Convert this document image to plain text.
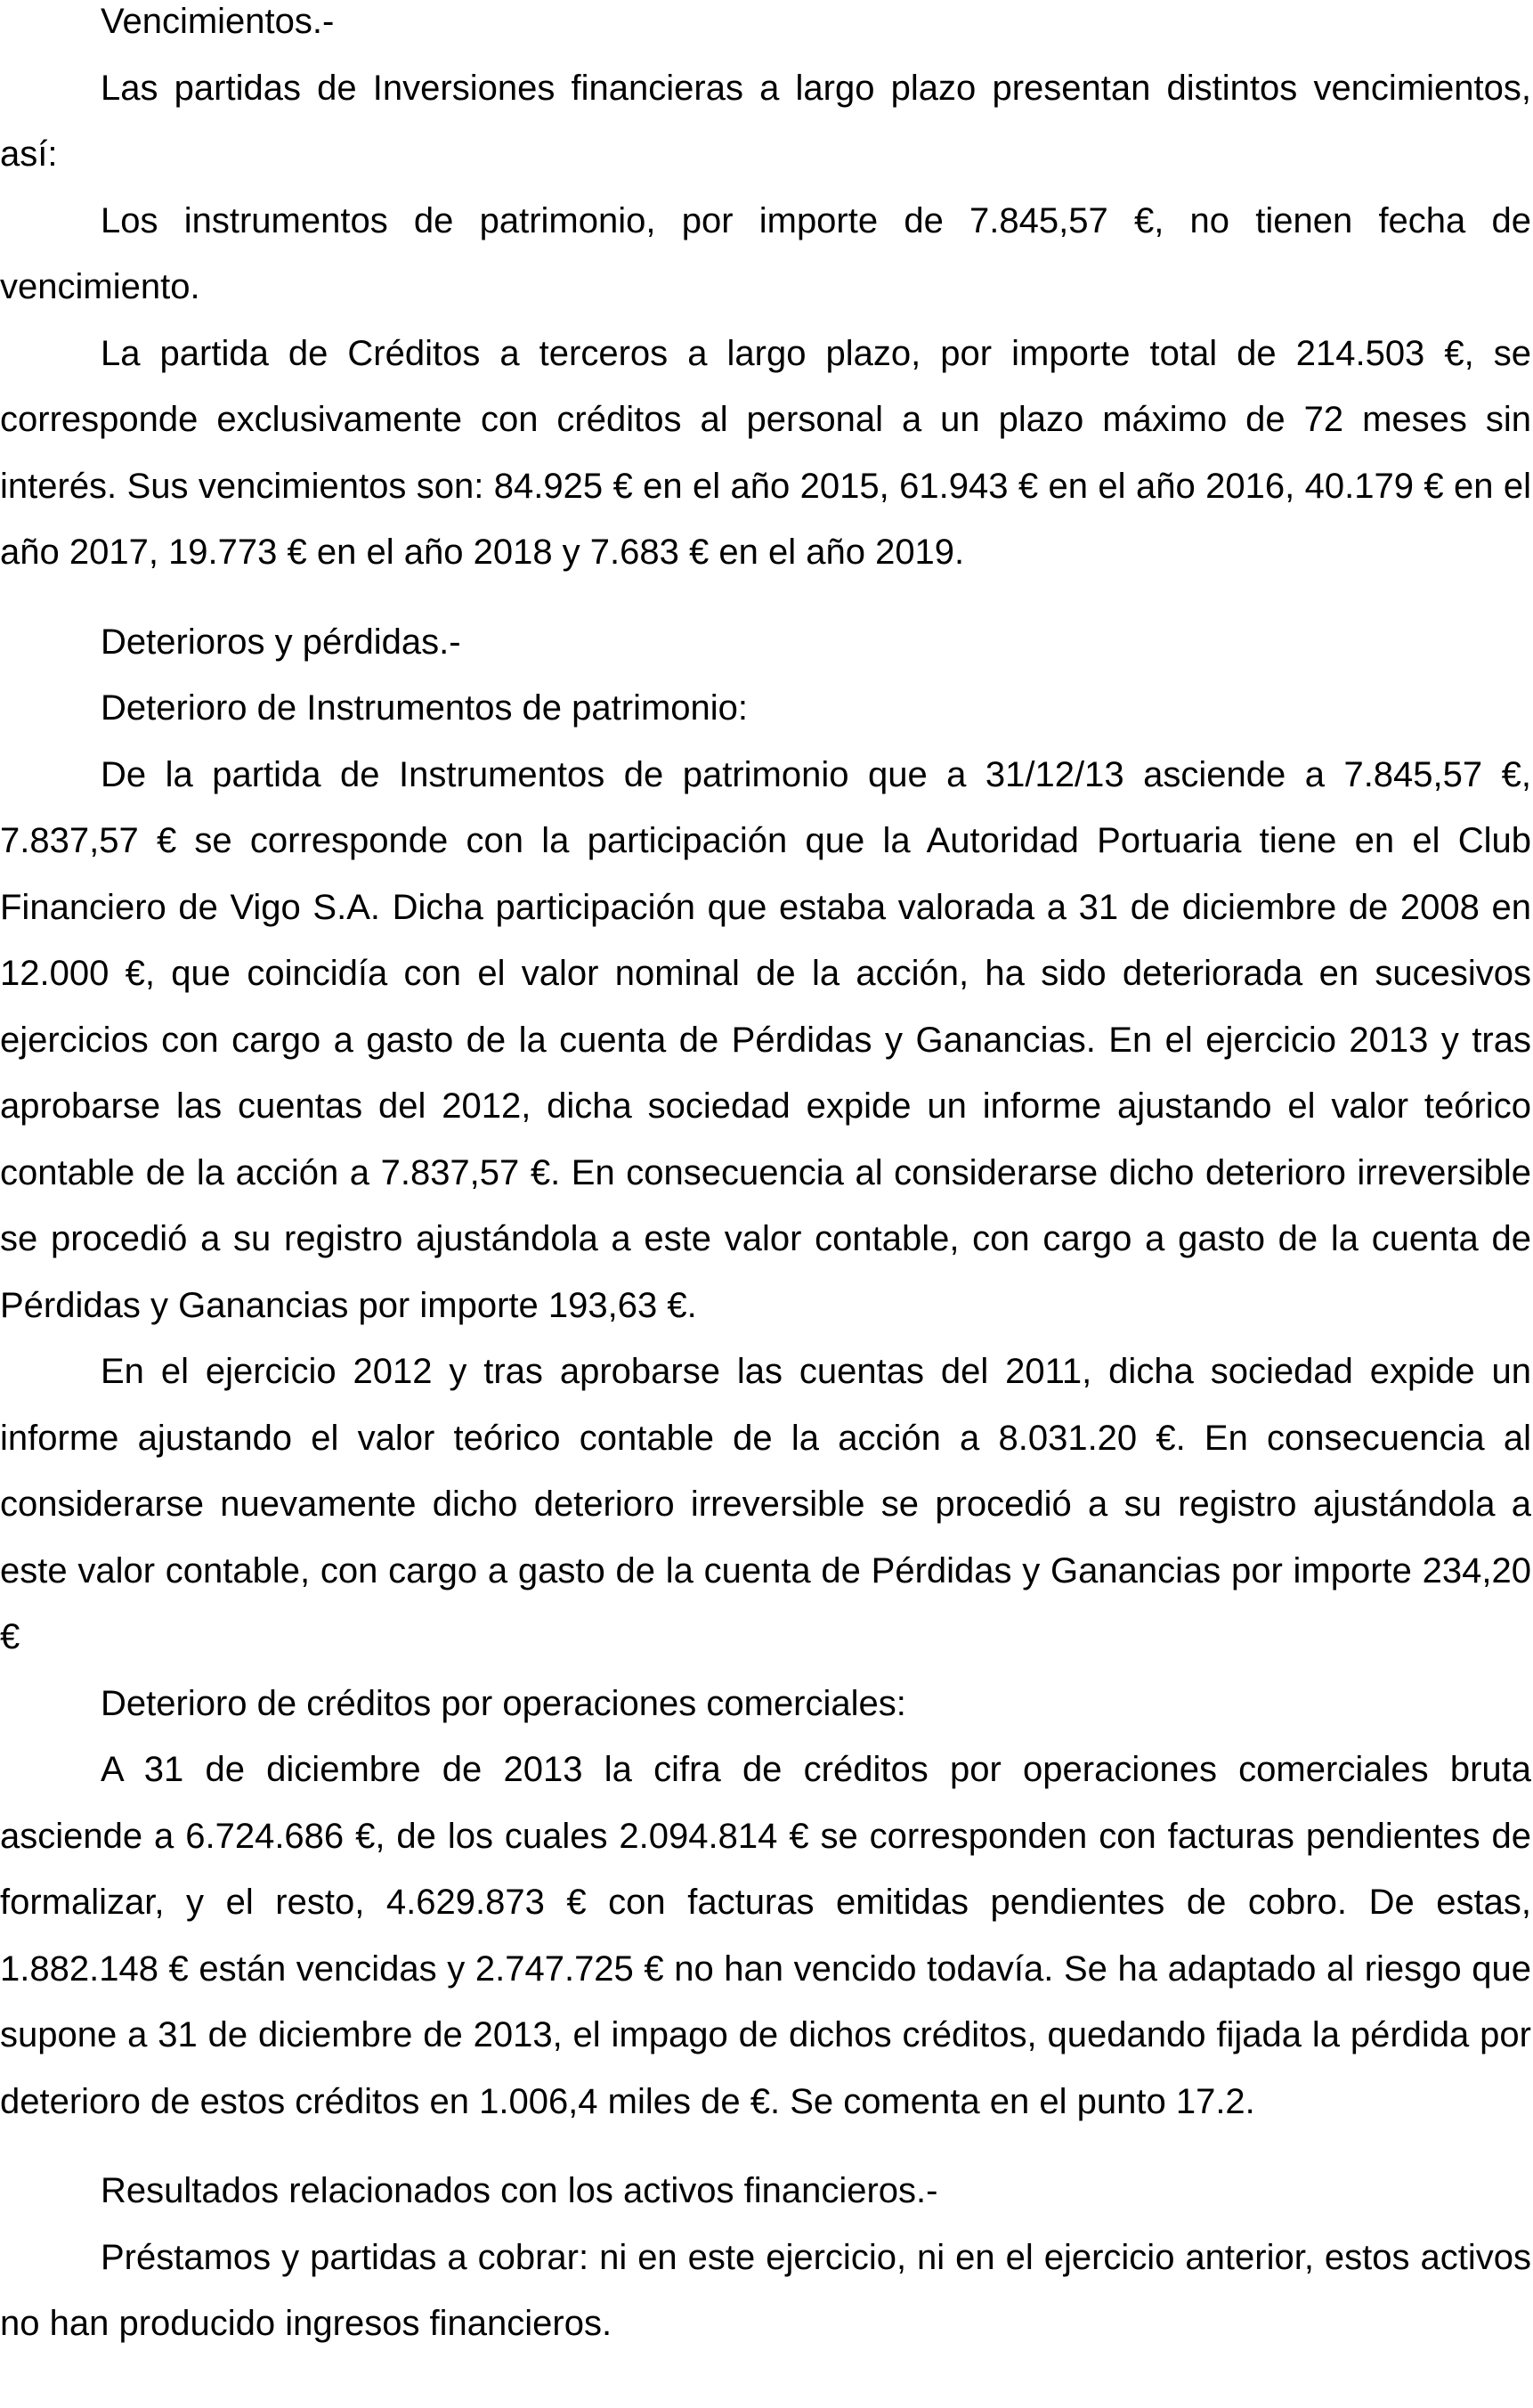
Vencimientos.-

Las partidas de Inversiones financieras a largo plazo presentan distintos vencimientos, así:

Los instrumentos de patrimonio, por importe de 7.845,57 €, no tienen fecha de vencimiento.

La partida de Créditos a terceros a largo plazo, por importe total de 214.503 €, se corresponde exclusivamente con créditos al personal a un plazo máximo de 72 meses sin interés. Sus vencimientos son: 84.925 € en el año 2015, 61.943 € en el año 2016, 40.179 € en el año 2017, 19.773 € en el año 2018 y 7.683 € en el año 2019.

Deterioros y pérdidas.-

Deterioro de Instrumentos de patrimonio:

De la partida de Instrumentos de patrimonio que a 31/12/13 asciende a 7.845,57 €, 7.837,57 € se corresponde con la participación que la Autoridad Portuaria tiene en el Club Financiero de Vigo S.A. Dicha participación que estaba valorada a 31 de diciembre de 2008 en 12.000 €, que coincidía con el valor nominal de la acción, ha sido deteriorada en sucesivos ejercicios con cargo a gasto de la cuenta de Pérdidas y Ganancias. En el ejercicio 2013 y tras aprobarse las cuentas del 2012, dicha sociedad expide un informe ajustando el valor teórico contable de la acción a 7.837,57 €. En consecuencia al considerarse dicho deterioro irreversible se procedió a su registro ajustándola a este valor contable, con cargo a gasto de la cuenta de Pérdidas y Ganancias por importe 193,63 €.

En el ejercicio 2012 y tras aprobarse las cuentas del 2011, dicha sociedad expide un informe ajustando el valor teórico contable de la acción a 8.031.20 €. En consecuencia al considerarse nuevamente dicho deterioro irreversible se procedió a su registro ajustándola a este valor contable, con cargo a gasto de la cuenta de Pérdidas y Ganancias por importe 234,20 €

Deterioro de créditos por operaciones comerciales:

A 31 de diciembre de 2013 la cifra de créditos por operaciones comerciales bruta asciende a 6.724.686 €, de los cuales 2.094.814 € se corresponden con facturas pendientes de formalizar, y el resto, 4.629.873 € con facturas emitidas pendientes de cobro. De estas, 1.882.148 € están vencidas y 2.747.725 € no han vencido todavía. Se ha adaptado al riesgo que supone a 31 de diciembre de 2013, el impago de dichos créditos, quedando fijada la pérdida por deterioro de estos créditos en 1.006,4 miles de €. Se comenta en el punto 17.2.

Resultados relacionados con los activos financieros.-

Préstamos y partidas a cobrar: ni en este ejercicio, ni en el ejercicio anterior, estos activos no han producido ingresos financieros.
